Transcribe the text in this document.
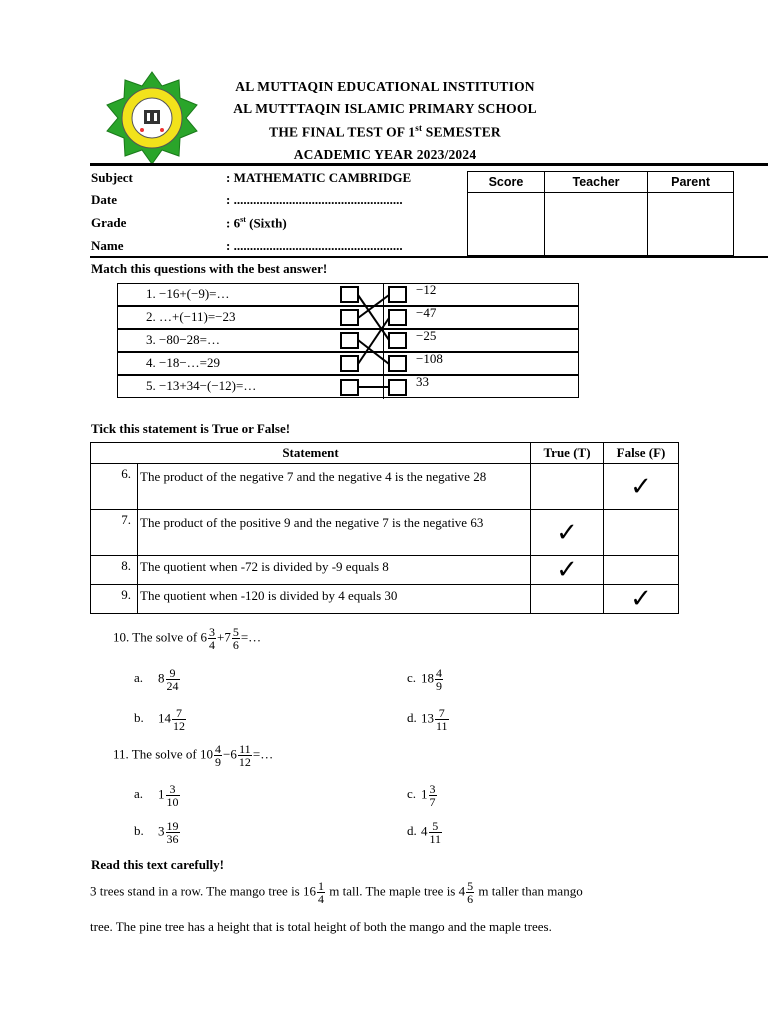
AL MUTTAQIN EDUCATIONAL INSTITUTION
AL MUTTTAQIN ISLAMIC PRIMARY SCHOOL
THE FINAL TEST OF 1st SEMESTER
ACADEMIC YEAR 2023/2024
Subject	: MATHEMATIC CAMBRIDGE
Date	: ....................................................
Grade	: 6st (Sixth)
Name	: ....................................................
Score	Teacher	Parent

Match this questions with the best answer!
1. −16+(−9)=…	−12
2. …+(−11)=−23	−47
3. −80−28=…	−25
4. −18−…=29	−108
5. −13+34−(−12)=…	33
Tick this statement is True or False!
Statement		True (T)	False (F)
6.	The product of the negative 7 and the negative 4 is the negative 28		✓
7.	The product of the positive 9 and the negative 7 is the negative 63	✓	
8.	The quotient when -72 is divided by -9 equals 8	✓	
9.	The quotient when -120 is divided by 4 equals 30		✓
10. The solve of $6 \frac{3}{4} +7 \frac{5}{6}$ =…
a. $8 \frac{9}{24}$
b. $14 \frac{7}{12}$
c. $18 \frac{4}{9}$
d. $13 \frac{7}{11}$
11. The solve of $10 \frac{4}{9} -6 \frac{11}{12}$ =…
a. $1 \frac{3}{10}$
b. $3 \frac{19}{36}$
c. $1 \frac{3}{7}$
d. $4 \frac{5}{11}$
Read this text carefully!
3 trees stand in a row. The mango tree is $16 \frac{1}{4}$ m tall. The maple tree is $4 \frac{5}{6}$ m taller than mango
tree. The pine tree has a height that is total height of both the mango and the maple trees.
